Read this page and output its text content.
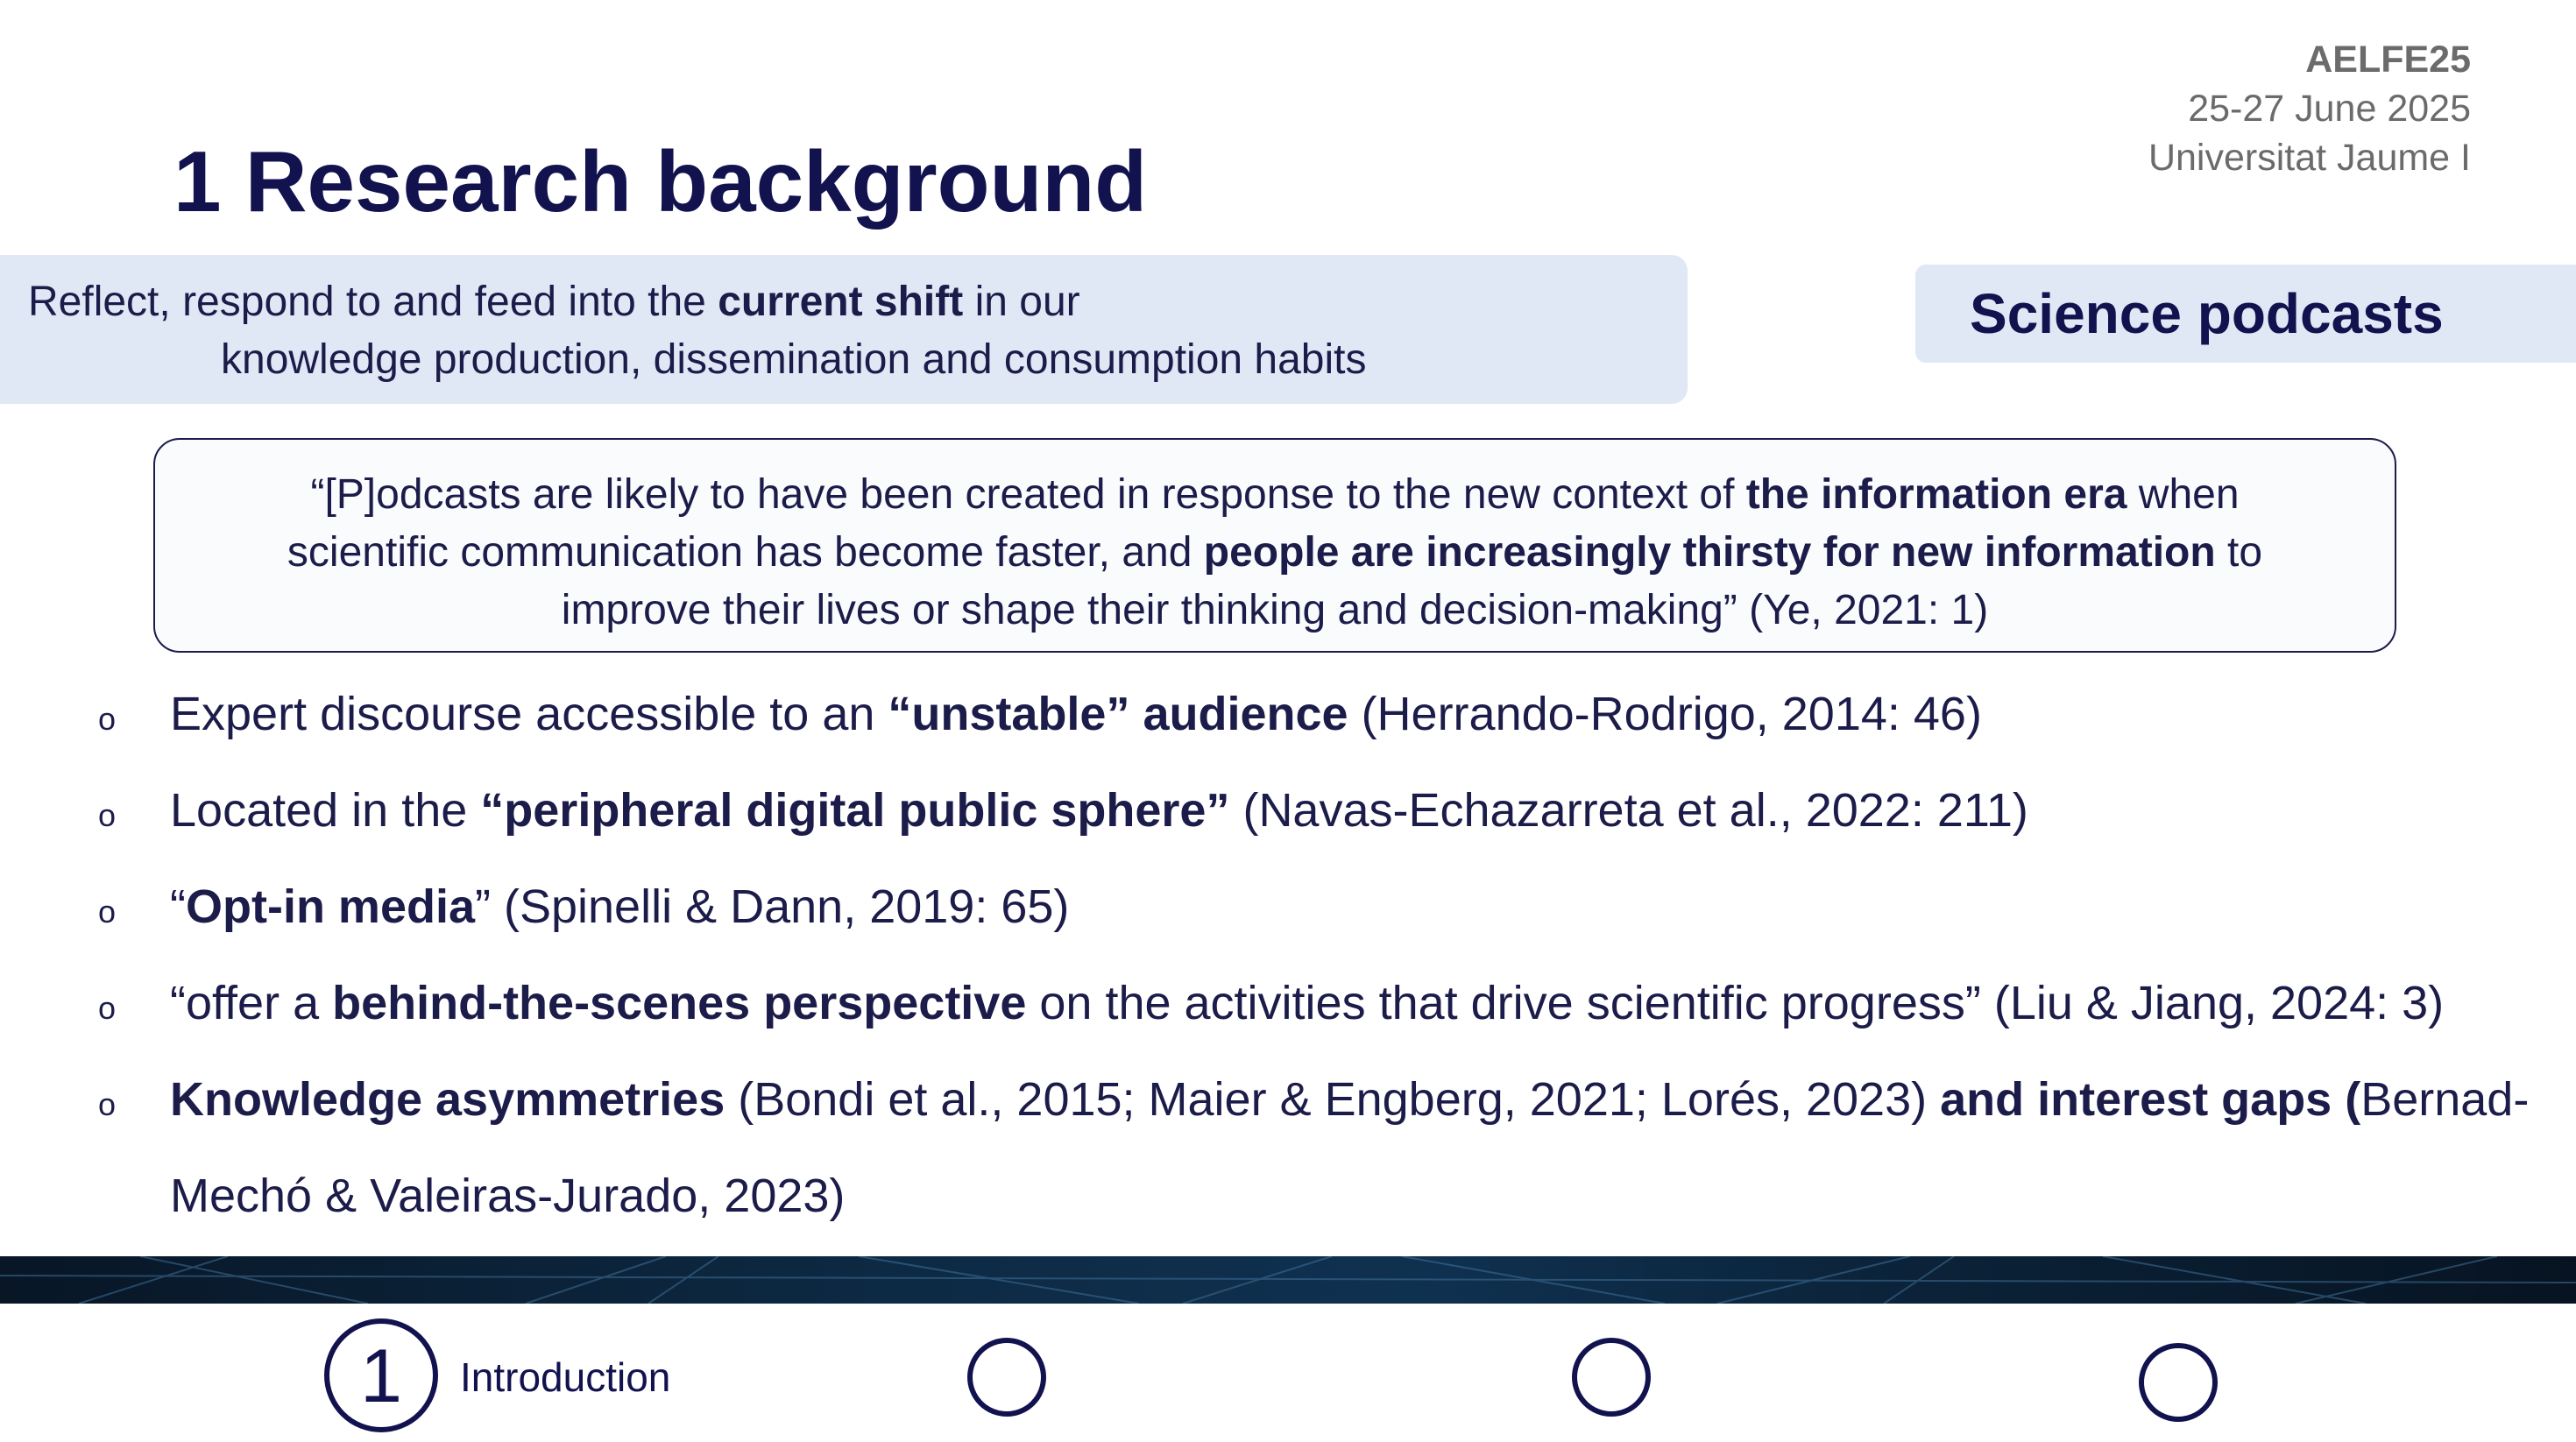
AELFE25
25-27 June 2025
Universitat Jaume I
1 Research background
Reflect, respond to and feed into the current shift in our
knowledge production, dissemination and consumption habits
Science podcasts
“[P]odcasts are likely to have been created in response to the new context of the information era when
scientific communication has become faster, and people are increasingly thirsty for new information to
improve their lives or shape their thinking and decision-making” (Ye, 2021: 1)
o Expert discourse accessible to an “unstable” audience (Herrando-Rodrigo, 2014: 46)
o Located in the “peripheral digital public sphere” (Navas-Echazarreta et al., 2022: 211)
o “Opt-in media” (Spinelli & Dann, 2019: 65)
o “offer a behind-the-scenes perspective on the activities that drive scientific progress” (Liu & Jiang, 2024: 3)
o Knowledge asymmetries (Bondi et al., 2015; Maier & Engberg, 2021; Lorés, 2023) and interest gaps (Bernad-
Mechó & Valeiras-Jurado, 2023)
1	Introduction
